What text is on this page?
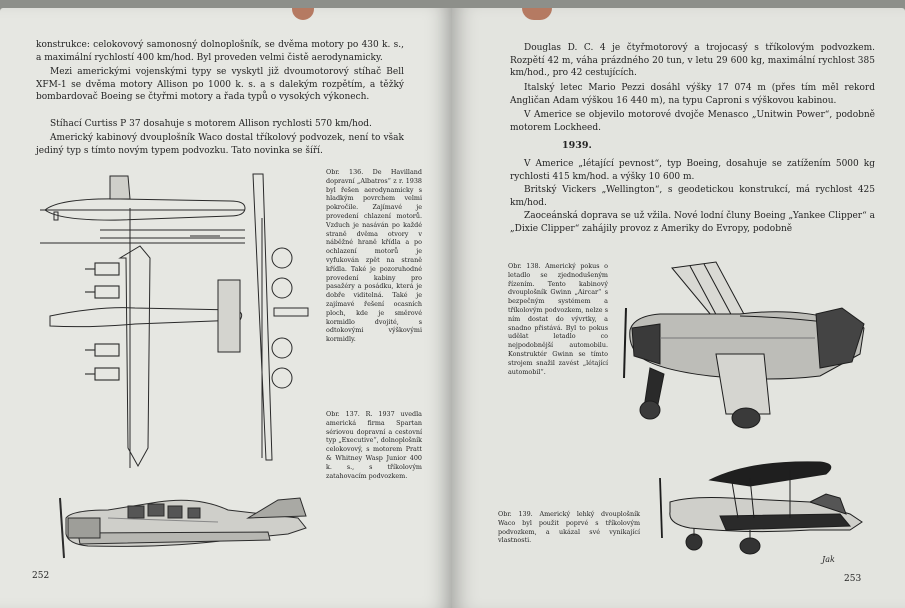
konstrukce: celokovový samonosný dolnoplošník, se dvěma motory po 430 k. s., a maximální rychlostí 400 km/hod. Byl proveden velmi čistě aerodynamicky.

Mezi americkými vojenskými typy se vyskytl již dvoumotorový stíhač Bell XFM-1 se dvěma motory Allison po 1000 k. s. a s dalekým rozpětím, a těžký bombardovač Boeing se čtyřmi motory a řada typů o vysokých výkonech.

Stíhací Curtiss P 37 dosahuje s motorem Allison rychlosti 570 km/hod.

Americký kabinový dvouplošník Waco dostal tříkolový podvozek, není to však jediný typ s tímto novým typem podvozku. Tato novinka se šíří.

Obr. 136. De Havilland dopravní „Albatros“ z r. 1938 byl řešen aerodynamicky s hladkým povrchem velmi pokročile. Zajímavé je provedení chlazení motorů. Vzduch je nasáván po každé straně dvěma otvory v náběžné hraně křídla a po ochlazení motorů je vyfukován zpět na straně křídla. Také je pozoruhodné provedení kabiny pro pasažéry a posádku, která je dobře viditelná. Také je zajímavé řešení ocasních ploch, kde je směrové kormidlo dvojité, s odtokovými výškovými kormidly.

Obr. 137. R. 1937 uvedla americká firma Spartan sériovou dopravní a cestovní typ „Executive“, dolnoplošník celokovový, s motorem Pratt & Whitney Wasp Junior 400 k. s., s tříkolovým zatahovacím podvozkem.

252

Douglas D. C. 4 je čtyřmotorový a trojocasý s tříkolovým podvozkem. Rozpětí 42 m, váha prázdného 20 tun, v letu 29 600 kg, maximální rychlost 385 km/hod., pro 42 cestujících.

Italský letec Mario Pezzi dosáhl výšky 17 074 m (přes tím měl rekord Angličan Adam výškou 16 440 m), na typu Caproni s výškovou kabinou.

V Americe se objevilo motorové dvojče Menasco „Unitwin Power“, podobně motorem Lockheed.

1939.

V Americe „létající pevnost“, typ Boeing, dosahuje se zatížením 5000 kg rychlosti 415 km/hod. a výšky 10 600 m.

Britský Vickers „Wellington“, s geodetickou konstrukcí, má rychlost 425 km/hod.

Zaoceánská doprava se už vžila. Nové lodní čluny Boeing „Yankee Clipper“ a „Dixie Clipper“ zahájily provoz z Ameriky do Evropy, podobně

Obr. 138. Americký pokus o letadlo se zjednodušeným řízením. Tento kabinový dvouplošník Gwinn „Aircar“ s bezpečným systémem a tříkolovým podvozkem, nelze s ním dostat do vývrtky, a snadno přistává. Byl to pokus udělat letadlo co nejpodobnější automobilu. Konstruktér Gwinn se tímto strojem snažil zavést „létající automobil“.

Obr. 139. Americký lehký dvouplošník Waco byl použit poprvé s tříkolovým podvozkem, a ukázal své vynikající vlastnosti.

Jak
253
